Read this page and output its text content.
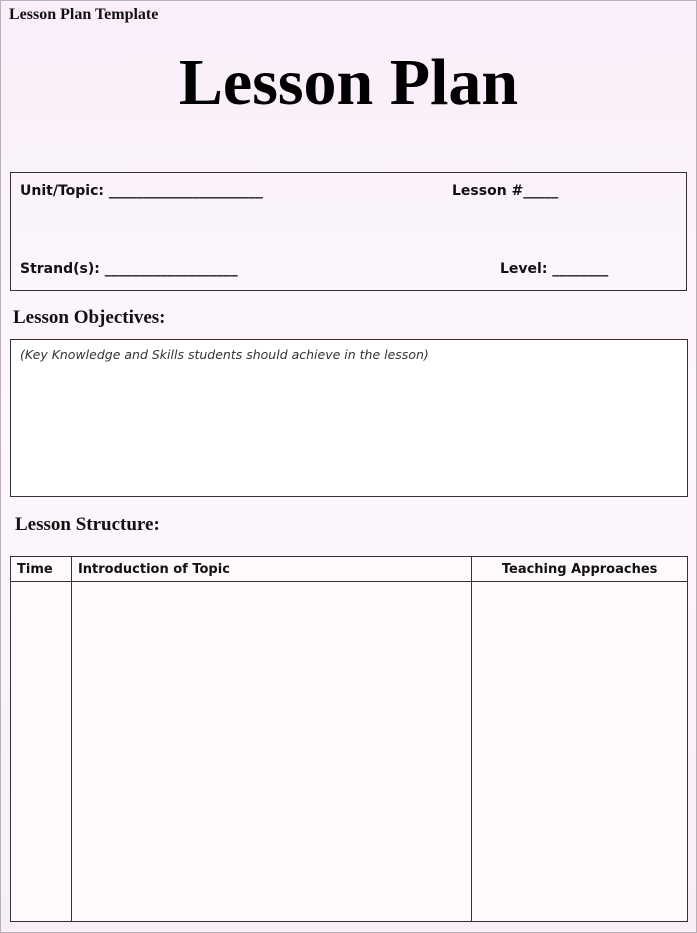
Lesson Plan Template
Lesson Plan
Unit/Topic: ______________________	Lesson #_____
Strand(s): ___________________	Level: ________
Lesson Objectives:
(Key Knowledge and Skills students should achieve in the lesson)
Lesson Structure:
Time	Introduction of Topic	Teaching Approaches
